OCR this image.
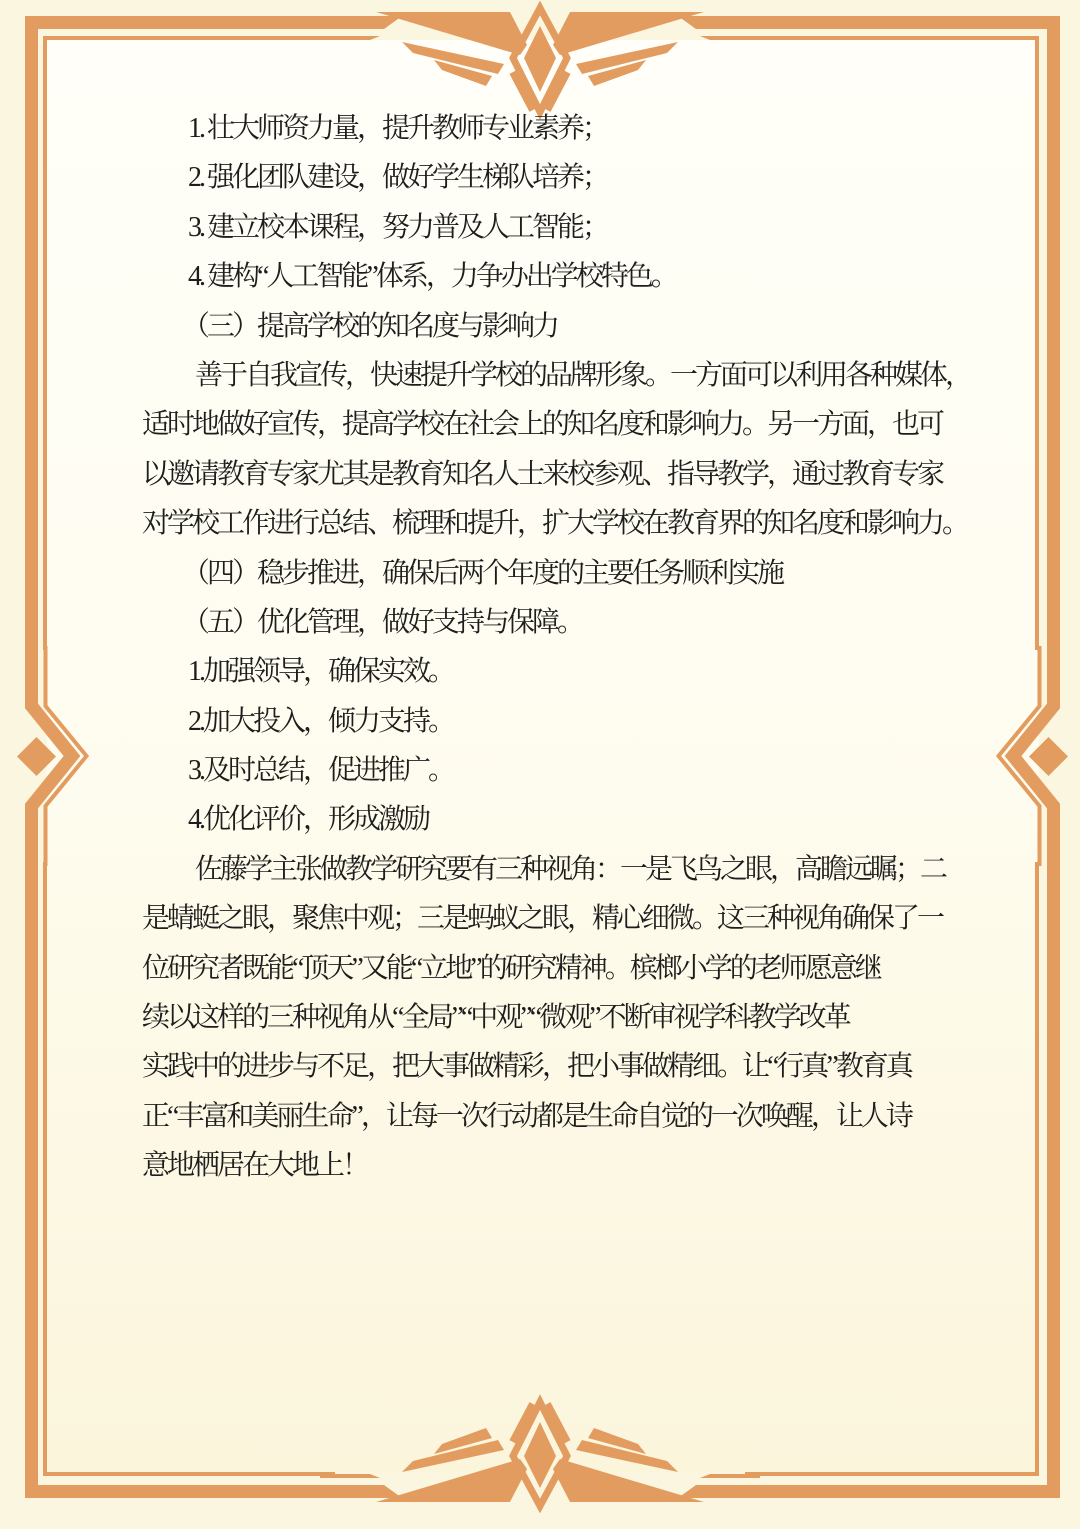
1. 壮大师资力量，提升教师专业素养；
2. 强化团队建设，做好学生梯队培养；
3. 建立校本课程，努力普及人工智能；
4. 建构“人工智能”体系，力争办出学校特色。
（三）提高学校的知名度与影响力
善于自我宣传，快速提升学校的品牌形象。一方面可以利用各种媒体，
适时地做好宣传，提高学校在社会上的知名度和影响力。另一方面，也可
以邀请教育专家尤其是教育知名人士来校参观、指导教学，通过教育专家
对学校工作进行总结、梳理和提升，扩大学校在教育界的知名度和影响力。
（四）稳步推进，确保后两个年度的主要任务顺利实施
（五）优化管理，做好支持与保障。
1.加强领导，确保实效。
2.加大投入，倾力支持。
3.及时总结，促进推广。
4.优化评价，形成激励
佐藤学主张做教学研究要有三种视角：一是飞鸟之眼，高瞻远瞩；二
是蜻蜓之眼，聚焦中观；三是蚂蚁之眼，精心细微。这三种视角确保了一
位研究者既能“顶天”又能“立地”的研究精神。槟榔小学的老师愿意继
续以这样的三种视角从“全局”“中观”“微观”不断审视学科教学改革
实践中的进步与不足，把大事做精彩，把小事做精细。让“行真”教育真
正“丰富和美丽生命”，让每一次行动都是生命自觉的一次唤醒，让人诗
意地栖居在大地上！
